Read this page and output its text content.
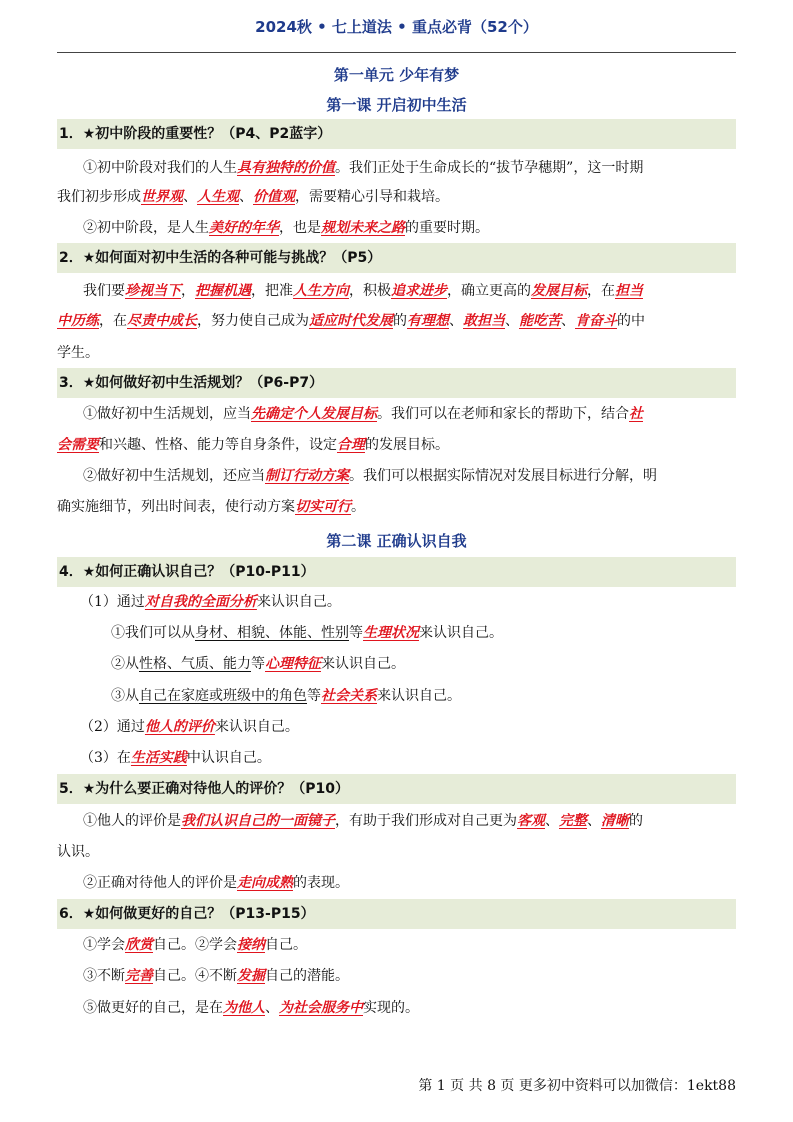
2024秋 • 七上道法 • 重点必背（52个）
第一单元 少年有梦
第一课 开启初中生活
1．★初中阶段的重要性？（P4、P2蓝字）
①初中阶段对我们的人生具有独特的价值。我们正处于生命成长的“拔节孕穗期”，这一时期
我们初步形成世界观、人生观、价值观，需要精心引导和栽培。
②初中阶段，是人生美好的年华，也是规划未来之路的重要时期。
2．★如何面对初中生活的各种可能与挑战？（P5）
我们要珍视当下，把握机遇，把准人生方向，积极追求进步，确立更高的发展目标，在担当
中历练，在尽责中成长，努力使自己成为适应时代发展的有理想、敢担当、能吃苦、肯奋斗的中
学生。
3．★如何做好初中生活规划？（P6-P7）
①做好初中生活规划，应当先确定个人发展目标。我们可以在老师和家长的帮助下，结合社
会需要和兴趣、性格、能力等自身条件，设定合理的发展目标。
②做好初中生活规划，还应当制订行动方案。我们可以根据实际情况对发展目标进行分解，明
确实施细节，列出时间表，使行动方案切实可行。
第二课 正确认识自我
4．★如何正确认识自己？（P10-P11）
（1）通过对自我的全面分析来认识自己。
①我们可以从身材、相貌、体能、性别等生理状况来认识自己。
②从性格、气质、能力等心理特征来认识自己。
③从自己在家庭或班级中的角色等社会关系来认识自己。
（2）通过他人的评价来认识自己。
（3）在生活实践中认识自己。
5．★为什么要正确对待他人的评价？（P10）
①他人的评价是我们认识自己的一面镜子，有助于我们形成对自己更为客观、完整、清晰的
认识。
②正确对待他人的评价是走向成熟的表现。
6．★如何做更好的自己？（P13-P15）
①学会欣赏自己。②学会接纳自己。
③不断完善自己。④不断发掘自己的潜能。
⑤做更好的自己，是在为他人、为社会服务中实现的。
第 1 页 共 8 页 更多初中资料可以加微信：1ekt88
